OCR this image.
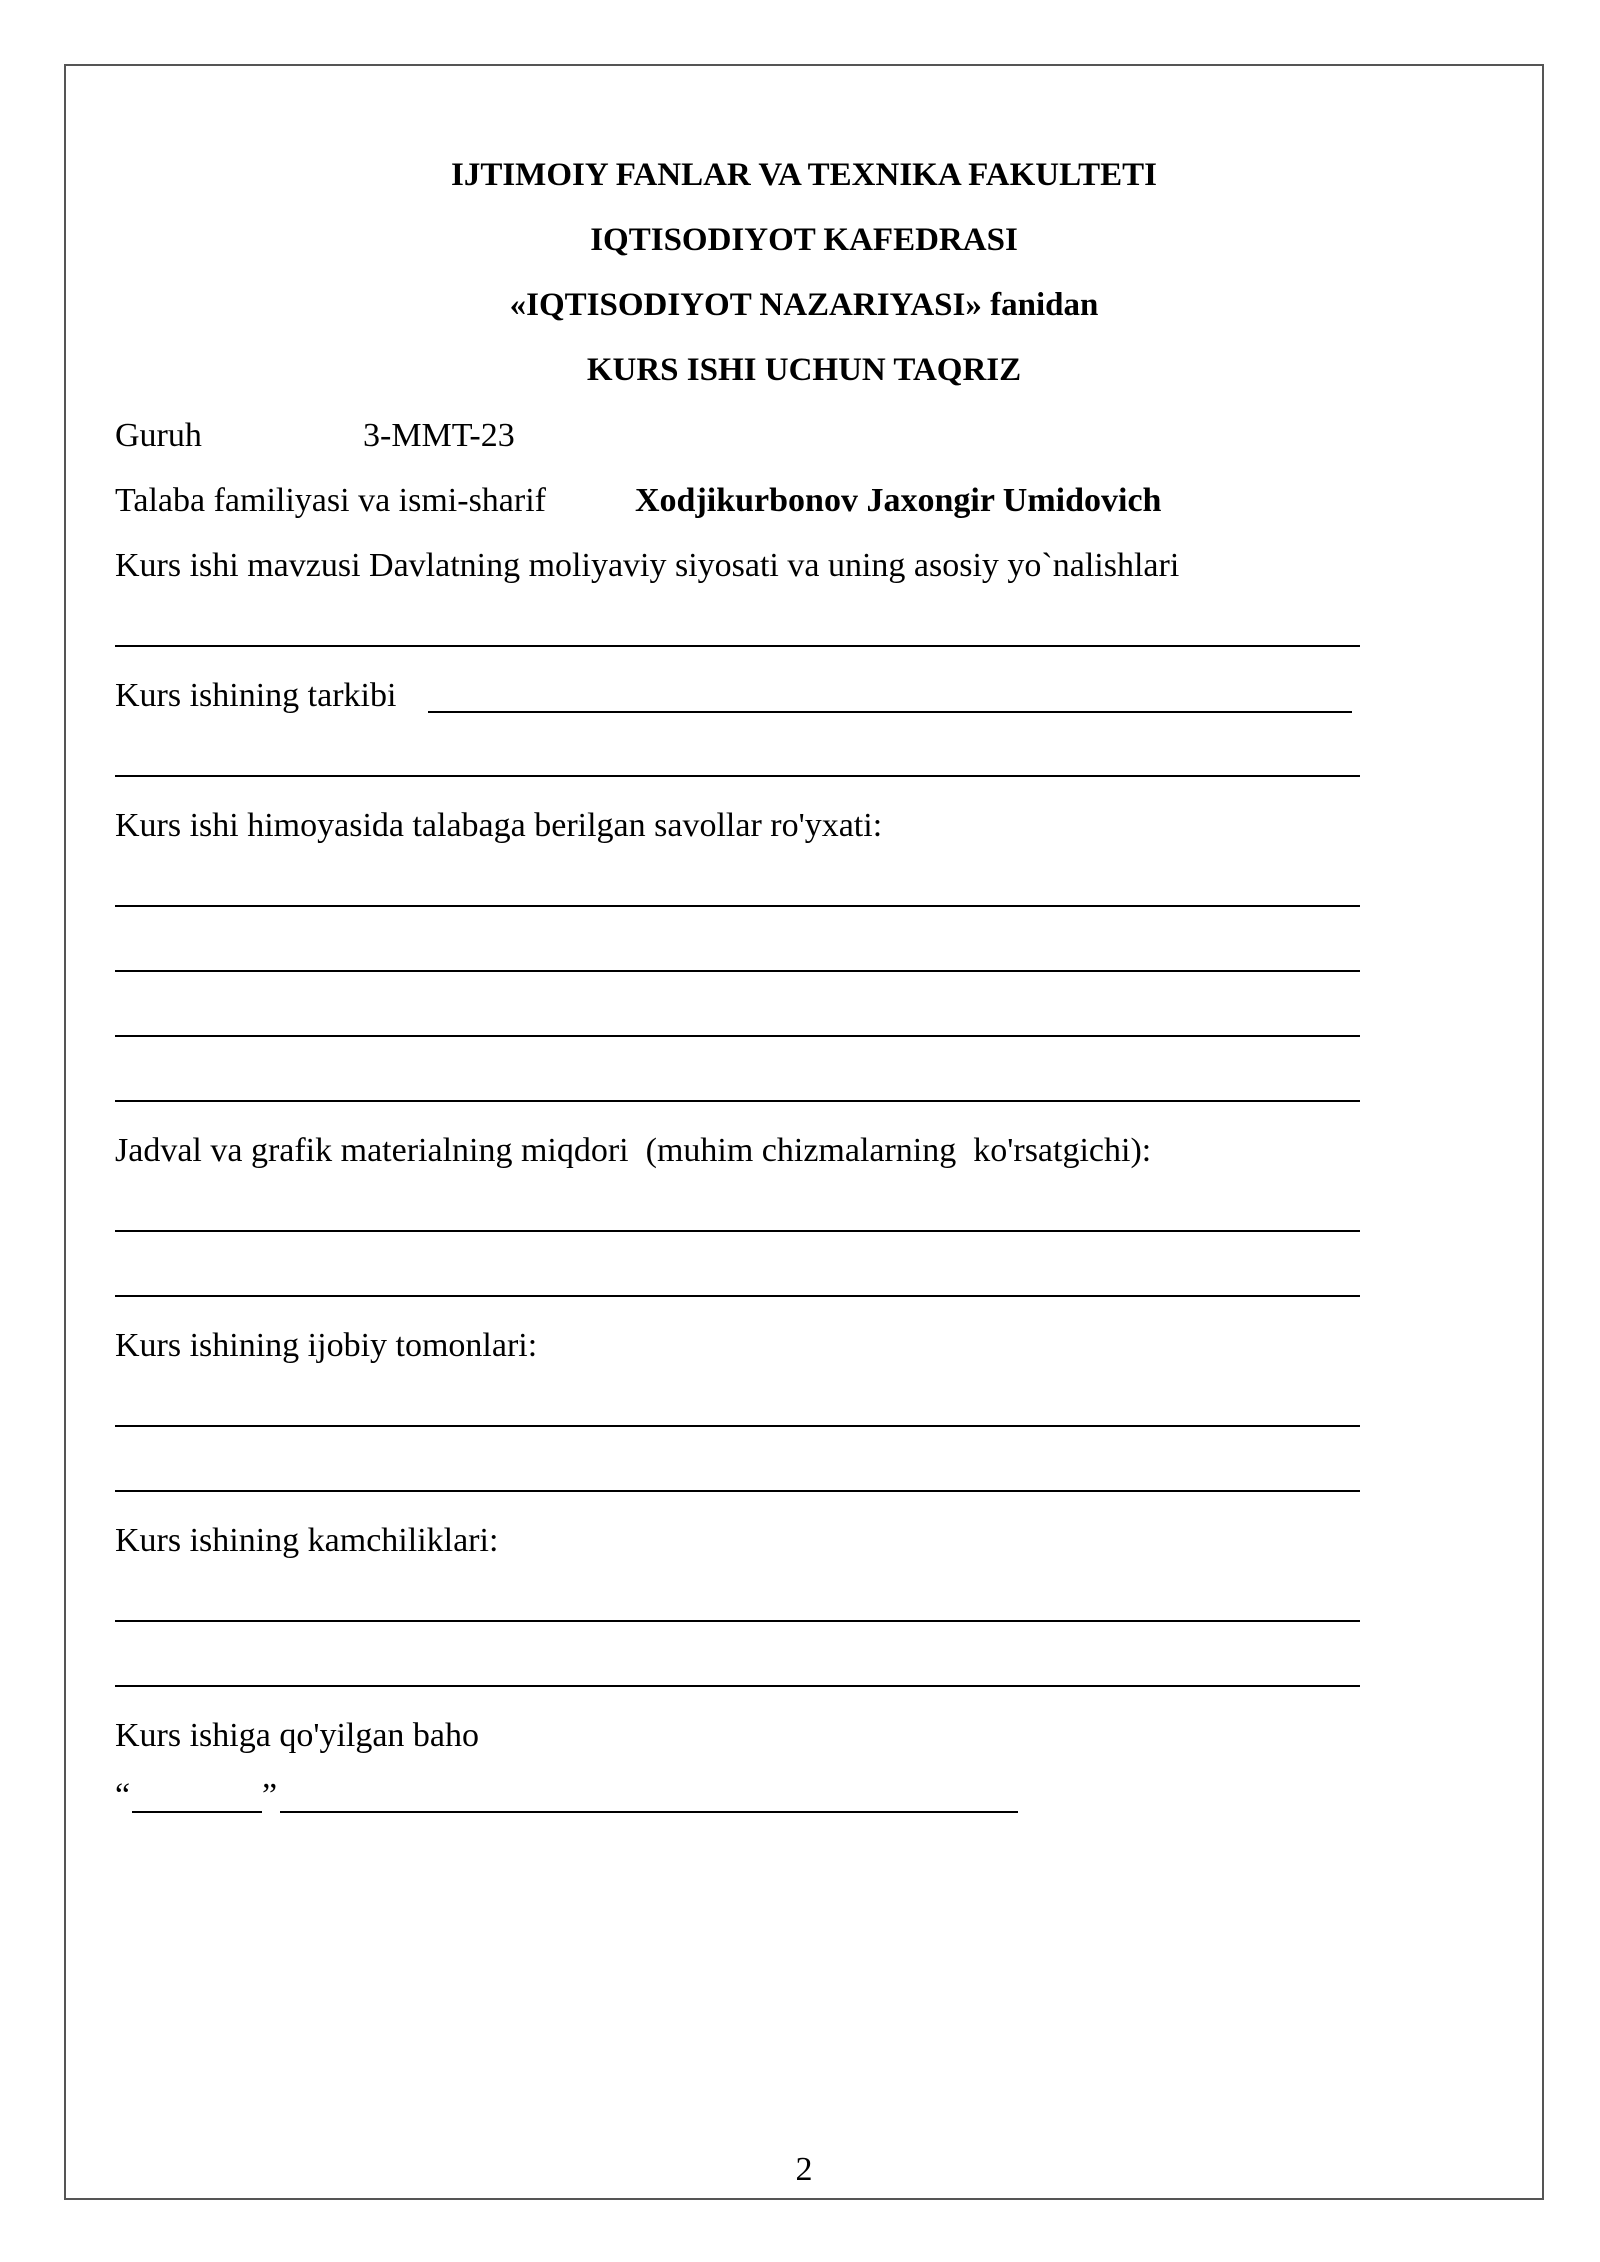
IJTIMOIY FANLAR VA TEXNIKA FAKULTETI
IQTISODIYOT KAFEDRASI
«IQTISODIYOT NAZARIYASI» fanidan
KURS ISHI UCHUN TAQRIZ
Guruh	3-MMT-23
Talaba familiyasi va ismi-sharif	Xodjikurbonov Jaxongir Umidovich
Kurs ishi mavzusi Davlatning moliyaviy siyosati va uning asosiy yo`nalishlari
Kurs ishining tarkibi
Kurs ishi himoyasida talabaga berilgan savollar ro'yxati:
Jadval va grafik materialning miqdori  (muhim chizmalarning  ko'rsatgichi):
Kurs ishining ijobiy tomonlari:
Kurs ishining kamchiliklari:
Kurs ishiga qo'yilgan baho
“	”
2
